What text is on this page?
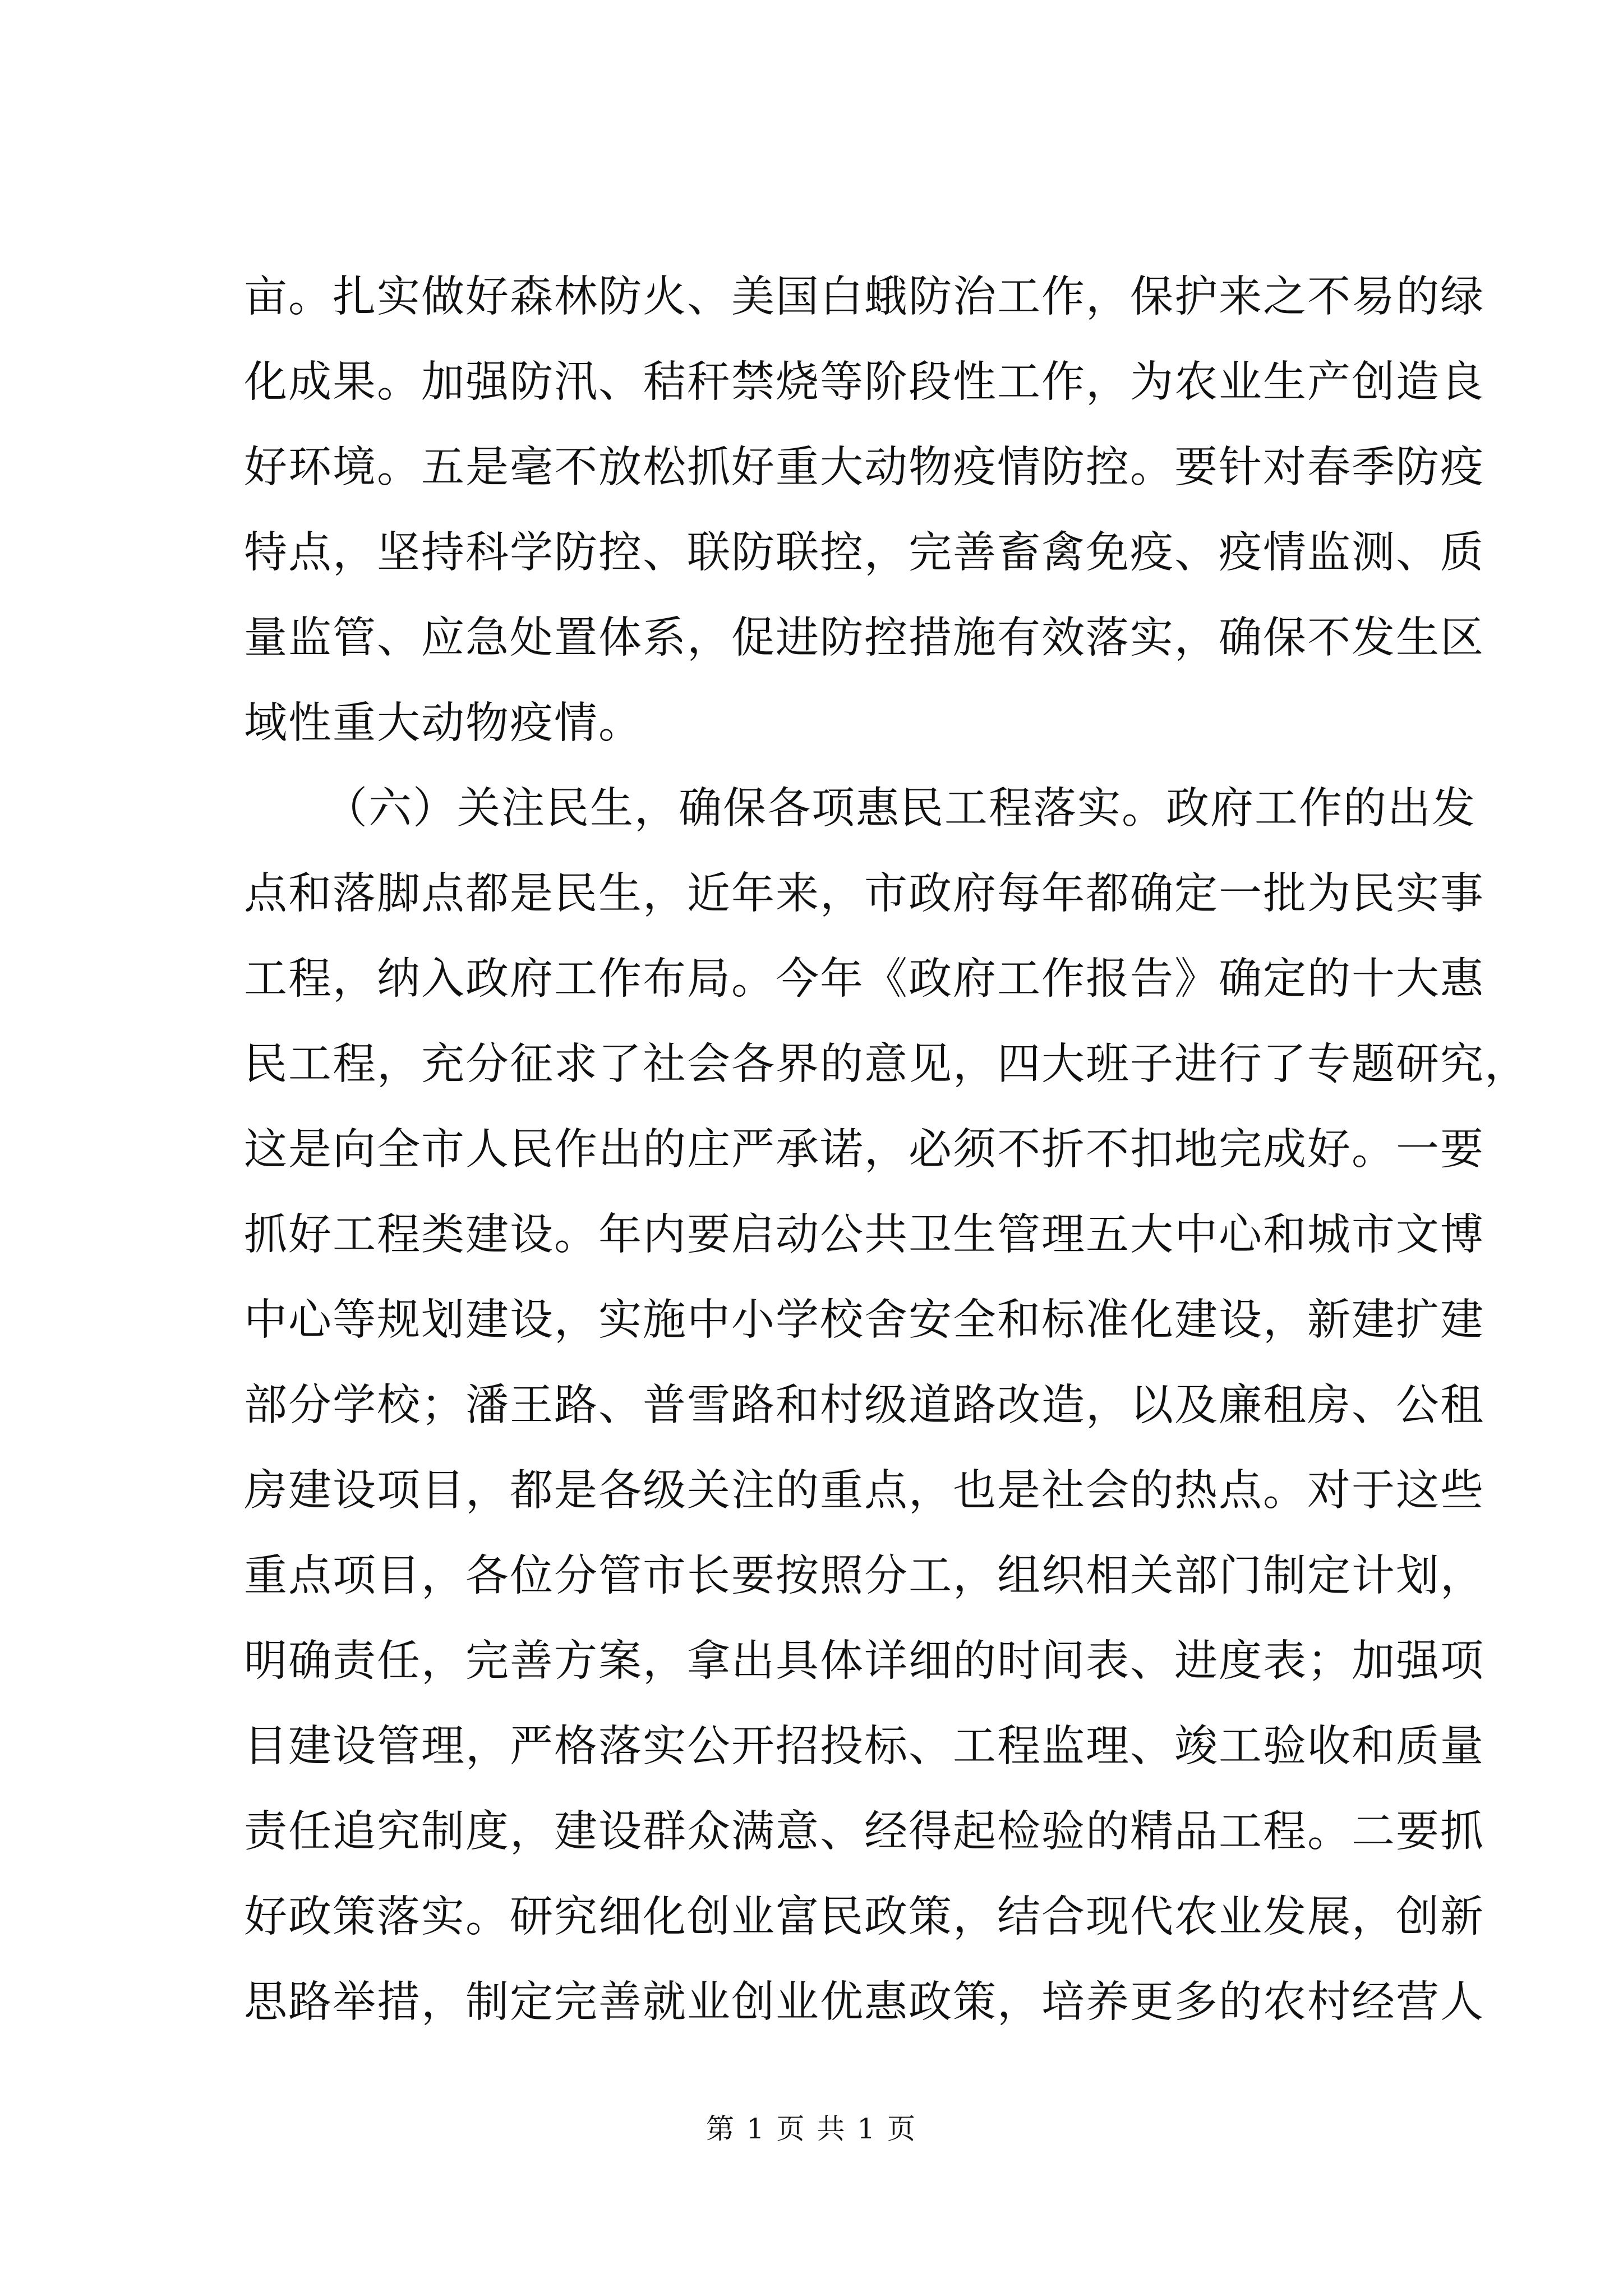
亩。扎实做好森林防火、美国白蛾防治工作，保护来之不易的绿
化成果。加强防汛、秸秆禁烧等阶段性工作，为农业生产创造良
好环境。五是毫不放松抓好重大动物疫情防控。要针对春季防疫
特点，坚持科学防控、联防联控，完善畜禽免疫、疫情监测、质
量监管、应急处置体系，促进防控措施有效落实，确保不发生区
域性重大动物疫情。
（六）关注民生，确保各项惠民工程落实。政府工作的出发
点和落脚点都是民生，近年来，市政府每年都确定一批为民实事
工程，纳入政府工作布局。今年《政府工作报告》确定的十大惠
民工程，充分征求了社会各界的意见，四大班子进行了专题研究，
这是向全市人民作出的庄严承诺，必须不折不扣地完成好。一要
抓好工程类建设。年内要启动公共卫生管理五大中心和城市文博
中心等规划建设，实施中小学校舍安全和标准化建设，新建扩建
部分学校；潘王路、普雪路和村级道路改造，以及廉租房、公租
房建设项目，都是各级关注的重点，也是社会的热点。对于这些
重点项目，各位分管市长要按照分工，组织相关部门制定计划，
明确责任，完善方案，拿出具体详细的时间表、进度表；加强项
目建设管理，严格落实公开招投标、工程监理、竣工验收和质量
责任追究制度，建设群众满意、经得起检验的精品工程。二要抓
好政策落实。研究细化创业富民政策，结合现代农业发展，创新
思路举措，制定完善就业创业优惠政策，培养更多的农村经营人
第 1 页 共 1 页
